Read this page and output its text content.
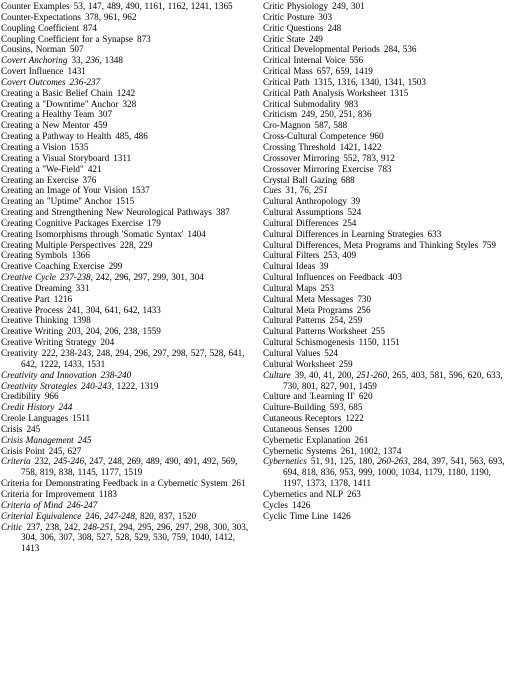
Counter Examples 53, 147, 489, 490, 1161, 1162, 1241, 1365
Counter-Expectations 378, 961, 962
Coupling Coefficient 874
Coupling Coefficient for a Synapse 873
Cousins, Norman 507
Covert Anchoring 33, 236, 1348
Covert Influence 1431
Covert Outcomes 236-237
Creating a Basic Belief Chain 1242
Creating a "Downtime" Anchor 328
Creating a Healthy Team 307
Creating a New Mentor 459
Creating a Pathway to Health 485, 486
Creating a Vision 1535
Creating a Visual Storyboard 1311
Creating a "We-Field" 421
Creating an Exercise 376
Creating an Image of Your Vision 1537
Creating an "Uptime" Anchor 1515
Creating and Strengthening New Neurological Pathways 387
Creating Cognitive Packages Exercise 179
Creating Isomorphisms through 'Somatic Syntax' 1404
Creating Multiple Perspectives 228, 229
Creating Symbols 1366
Creative Coaching Exercise 299
Creative Cycle 237-238, 242, 296, 297, 299, 301, 304
Creative Dreaming 331
Creative Part 1216
Creative Process 241, 304, 641, 642, 1433
Creative Thinking 1398
Creative Writing 203, 204, 206, 238, 1559
Creative Writing Strategy 204
Creativity 222, 238-243, 248, 294, 296, 297, 298, 527, 528, 641, 642, 1222, 1433, 1531
Creativity and Innovation 238-240
Creativity Strategies 240-243, 1222, 1319
Credibility 966
Credit History 244
Creole Languages 1511
Crisis 245
Crisis Management 245
Crisis Point 245, 627
Criteria 232, 245-246, 247, 248, 269, 489, 490, 491, 492, 569, 758, 819, 838, 1145, 1177, 1519
Criteria for Demonstrating Feedback in a Cybernetic System 261
Criteria for Improvement 1183
Criteria of Mind 246-247
Criterial Equivalence 246, 247-248, 820, 837, 1520
Critic 237, 238, 242, 248-251, 294, 295, 296, 297, 298, 300, 303, 304, 306, 307, 308, 527, 528, 529, 530, 759, 1040, 1412, 1413
Critic Physiology 249, 301
Critic Posture 303
Critic Questions 248
Critic State 249
Critical Developmental Periods 284, 536
Critical Internal Voice 556
Critical Mass 657, 659, 1419
Critical Path 1315, 1316, 1340, 1341, 1503
Critical Path Analysis Worksheet 1315
Critical Submodality 983
Criticism 249, 250, 251, 836
Cro-Magnon 587, 588
Cross-Cultural Competence 960
Crossing Threshold 1421, 1422
Crossover Mirroring 552, 783, 912
Crossover Mirroring Exercise 783
Crystal Ball Gazing 688
Cues 31, 76, 251
Cultural Anthropology 39
Cultural Assumptions 524
Cultural Differences 254
Cultural Differences in Learning Strategies 633
Cultural Differences, Meta Programs and Thinking Styles 759
Cultural Filters 253, 409
Cultural Ideas 39
Cultural Influences on Feedback 403
Cultural Maps 253
Cultural Meta Messages 730
Cultural Meta Programs 256
Cultural Patterns 254, 259
Cultural Patterns Worksheet 255
Cultural Schismogenesis 1150, 1151
Cultural Values 524
Cultural Worksheet 259
Culture 39, 40, 41, 200, 251-260, 265, 403, 581, 596, 620, 633, 730, 801, 827, 901, 1459
Culture and 'Learning II' 620
Culture-Building 593, 685
Cutaneous Receptors 1222
Cutaneous Senses 1200
Cybernetic Explanation 261
Cybernetic Systems 261, 1002, 1374
Cybernetics 51, 91, 125, 180, 260-263, 284, 397, 541, 563, 693, 694, 818, 836, 953, 999, 1000, 1034, 1179, 1180, 1190, 1197, 1373, 1378, 1411
Cybernetics and NLP 263
Cycles 1426
Cyclic Time Line 1426
